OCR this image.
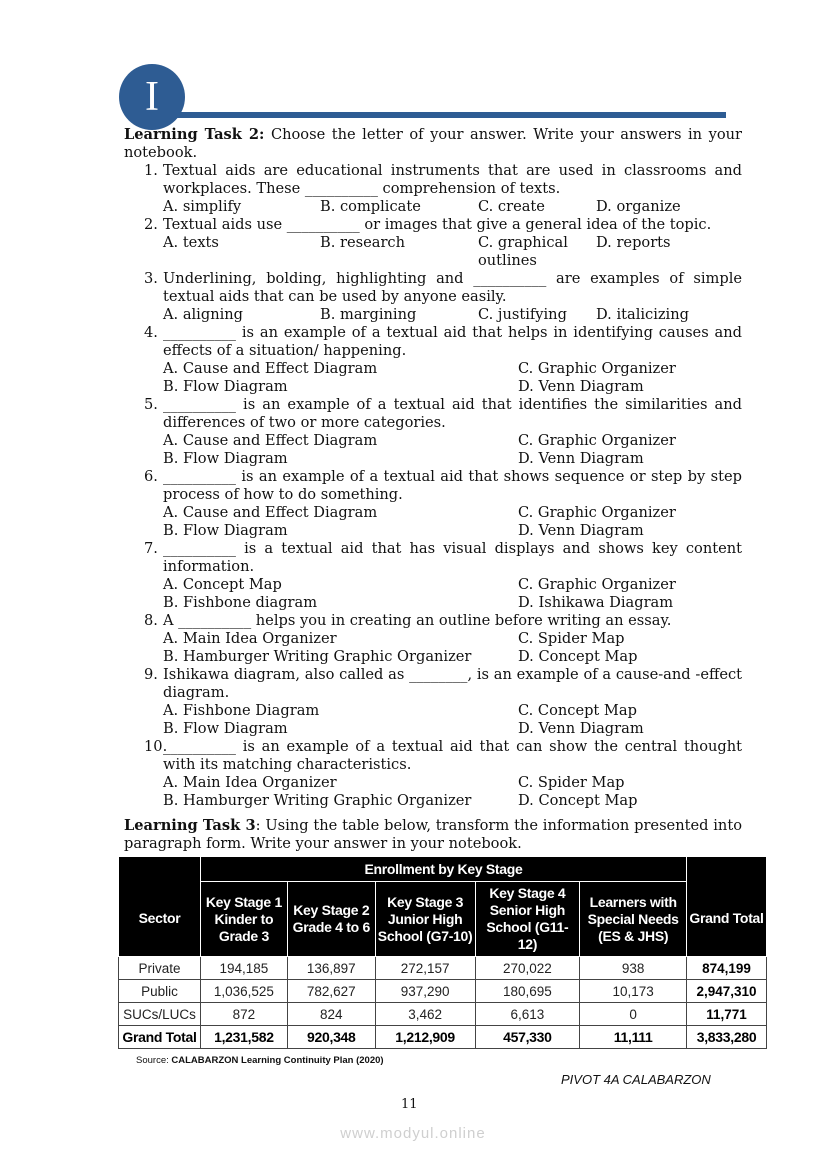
I

Learning Task 2: Choose the letter of your answer. Write your answers in your notebook.

1. Textual aids are educational instruments that are used in classrooms and workplaces. These __________ comprehension of texts.
A. simplify	B. complicate	C. create	D. organize
2. Textual aids use __________ or images that give a general idea of the topic.
A. texts	B. research	C. graphical outlines
D. reports
3. Underlining, bolding, highlighting and __________ are examples of simple textual aids that can be used by anyone easily.
A. aligning	B. margining	C. justifying	D. italicizing
4. __________ is an example of a textual aid that helps in identifying causes and effects of a situation/ happening.
A. Cause and Effect Diagram	C. Graphic Organizer
B. Flow Diagram	D. Venn Diagram
5. __________ is an example of a textual aid that identifies the similarities and differences of two or more categories.
A. Cause and Effect Diagram	C. Graphic Organizer
B. Flow Diagram	D. Venn Diagram
6. __________ is an example of a textual aid that shows sequence or step by step process of how to do something.
A. Cause and Effect Diagram	C. Graphic Organizer
B. Flow Diagram	D. Venn Diagram
7. __________ is a textual aid that has visual displays and shows key content information.
A. Concept Map	C. Graphic Organizer
B. Fishbone diagram	D. Ishikawa Diagram
8. A __________ helps you in creating an outline before writing an essay.
A. Main Idea Organizer	C. Spider Map
B. Hamburger Writing Graphic Organizer	D. Concept Map
9. Ishikawa diagram, also called as ________, is an example of a cause-and -effect diagram.
A. Fishbone Diagram	C. Concept Map
B. Flow Diagram	D. Venn Diagram
10.
__________ is an example of a textual aid that can show the central thought with its matching characteristics.
A. Main Idea Organizer	C. Spider Map
B. Hamburger Writing Graphic Organizer	D. Concept Map
Learning Task 3: Using the table below, transform the information presented into paragraph form. Write your answer in your notebook.
	Enrollment by Key Stage					
Sector	Key Stage 1 Kinder to Grade 3	Key Stage 2 Grade 4 to 6	Key Stage 3 Junior High School (G7-10)	Key Stage 4 Senior High School (G11-12)	Learners with Special Needs (ES & JHS)	Grand Total
Private	194,185	136,897	272,157	270,022	938	874,199
Public	1,036,525	782,627	937,290	180,695	10,173	2,947,310
SUCs/LUCs	872	824	3,462	6,613	0	11,771
Grand Total	1,231,582	920,348	1,212,909	457,330	11,111	3,833,280
Source: CALABARZON Learning Continuity Plan (2020)
PIVOT 4A CALABARZON
11
www.modyul.online
